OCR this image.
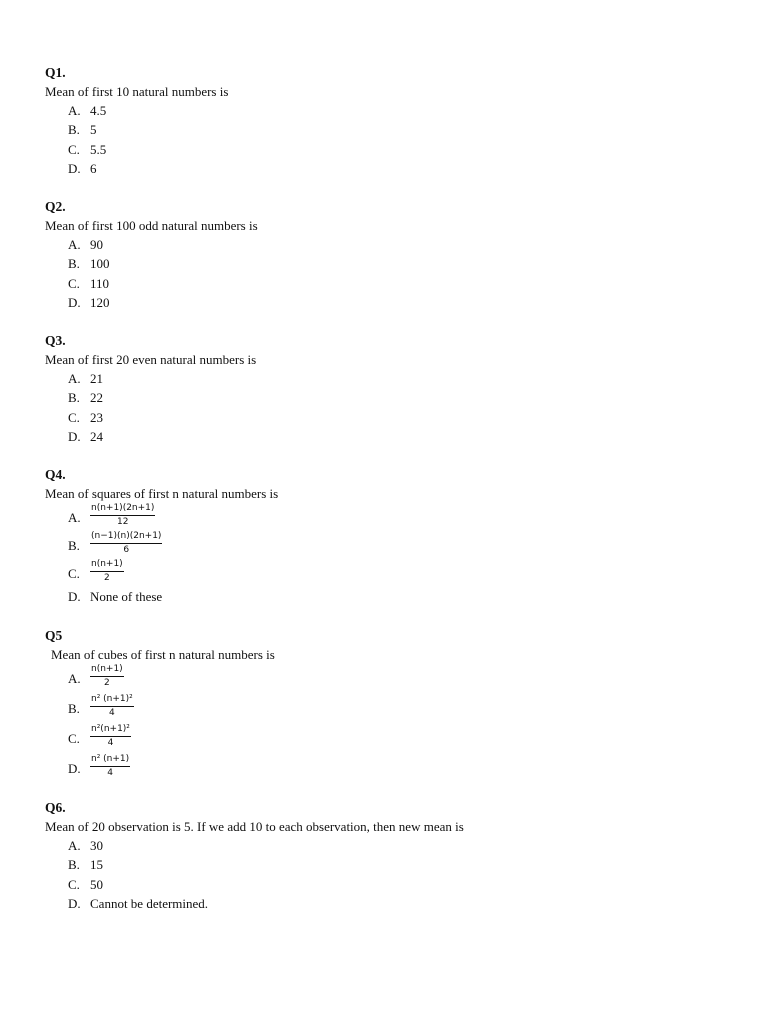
Q1.
Mean of first 10 natural numbers is
A. 4.5
B. 5
C. 5.5
D. 6
Q2.
Mean of first 100 odd natural numbers is
A. 90
B. 100
C. 110
D. 120
Q3.
Mean of first 20 even natural numbers is
A. 21
B. 22
C. 23
D. 24
Q4.
Mean of squares of first n natural numbers is
A. $\frac{n(n+1)(2n+1)}{12}$
B. $\frac{(n-1)(n)(2n+1)}{6}$
C. $\frac{n(n+1)}{2}$
D. None of these
Q5
Mean of cubes of first n natural numbers is
A. $\frac{n(n+1)}{2}$
B. $\frac{\text{n² (n+1)²}}{4}$
C. $\frac{\text{n²(n+1)²}}{4}$
D. $\frac{\text{n² (n+1)}}{4}$
Q6.
Mean of 20 observation is 5. If we add 10 to each observation, then new mean is
A. 30
B. 15
C. 50
D. Cannot be determined.
